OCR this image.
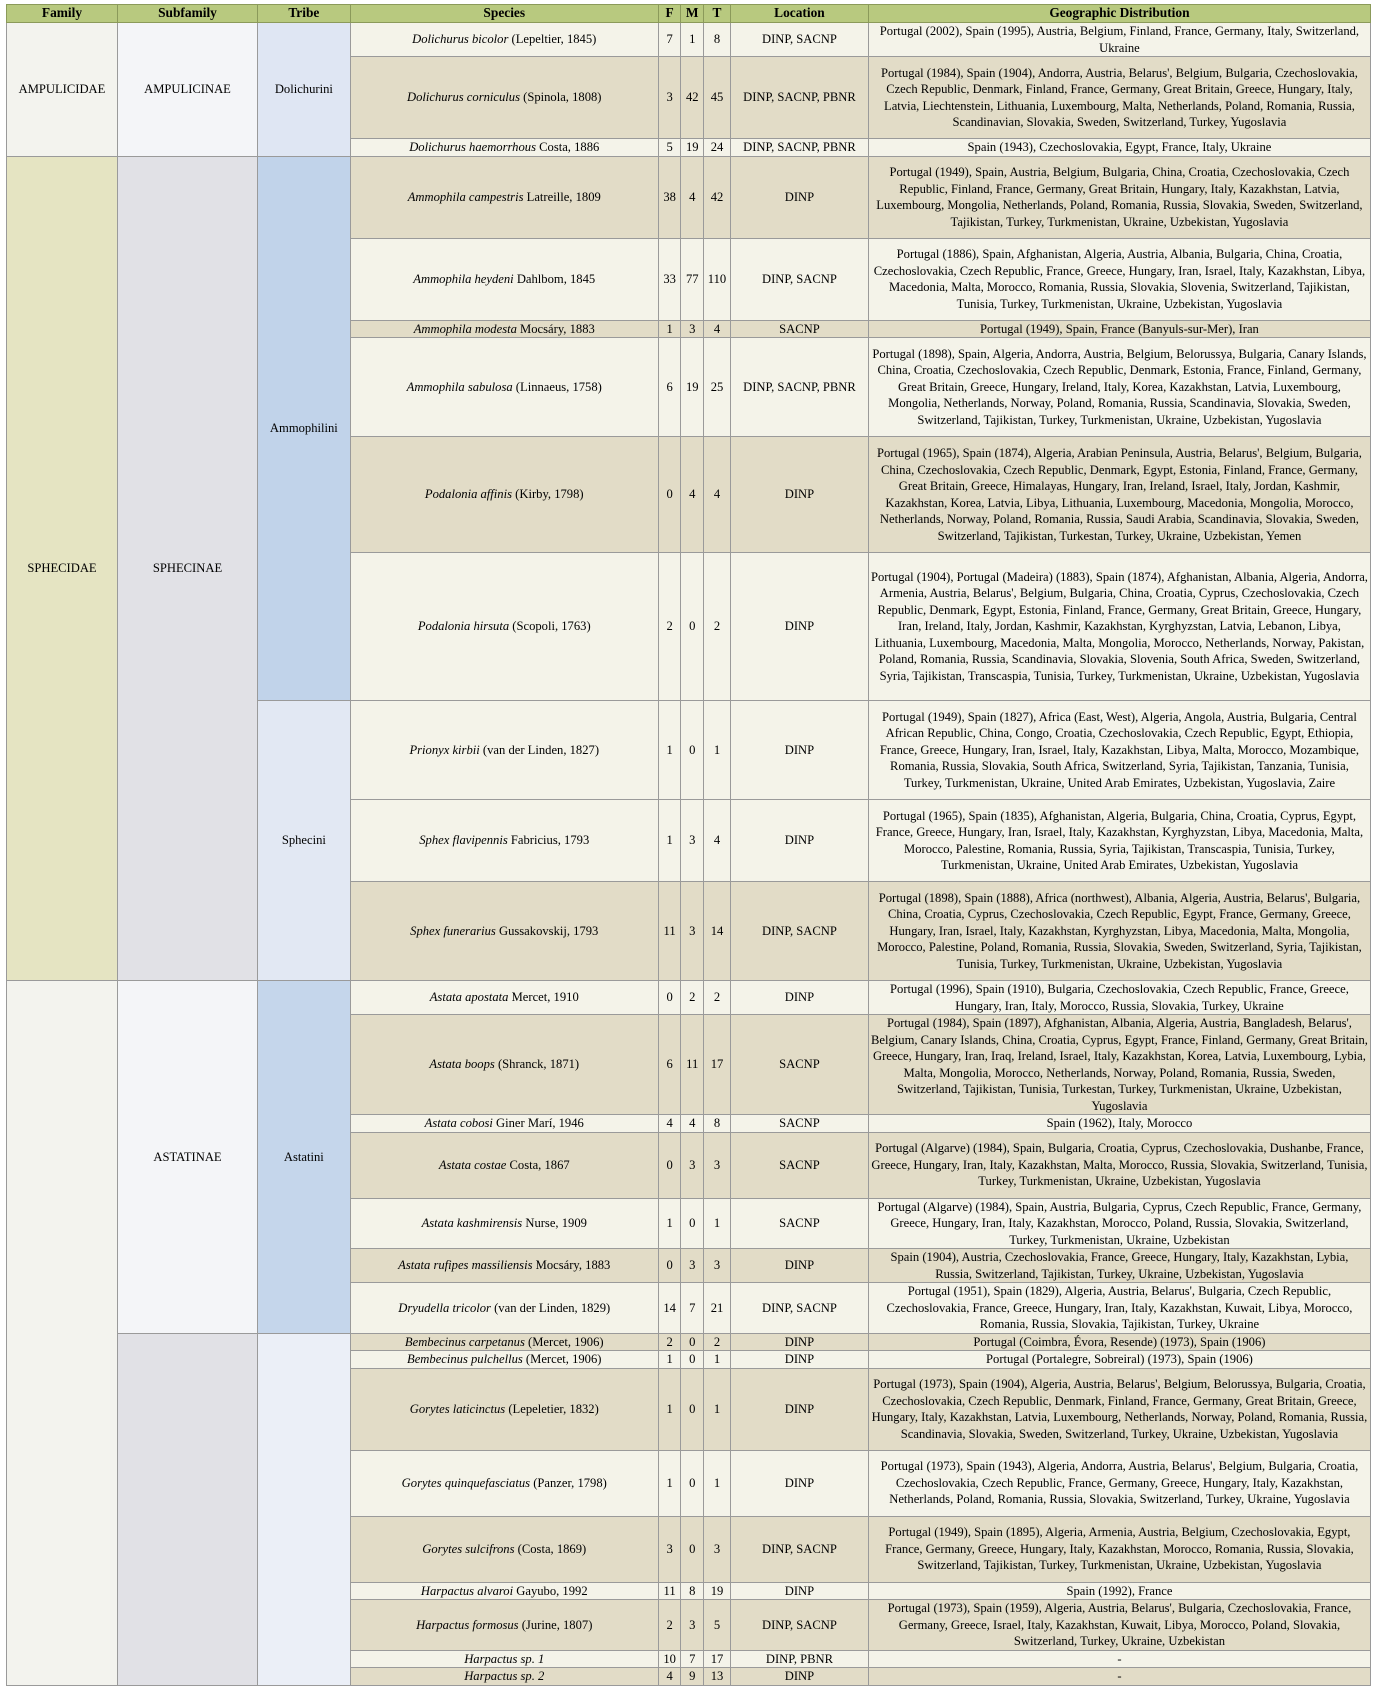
Family	Subfamily	Tribe	Species	F	M	T	Location	Geographic Distribution
AMPULICIDAE	AMPULICINAE	Dolichurini	Dolichurus bicolor (Lepeltier, 1845)	7	1	8	DINP, SACNP	Portugal (2002), Spain (1995), Austria, Belgium, Finland, France, Germany, Italy, Switzerland, Ukraine
			Dolichurus corniculus (Spinola, 1808)	3	42	45	DINP, SACNP, PBNR	Portugal (1984), Spain (1904), Andorra, Austria, Belarus', Belgium, Bulgaria, Czechoslovakia, Czech Republic, Denmark, Finland, France, Germany, Great Britain, Greece, Hungary, Italy, Latvia, Liechtenstein, Lithuania, Luxembourg, Malta, Netherlands, Poland, Romania, Russia, Scandinavian, Slovakia, Sweden, Switzerland, Turkey, Yugoslavia
			Dolichurus haemorrhous Costa, 1886	5	19	24	DINP, SACNP, PBNR	Spain (1943), Czechoslovakia, Egypt, France, Italy, Ukraine
SPHECIDAE	SPHECINAE	Ammophilini	Ammophila campestris Latreille, 1809	38	4	42	DINP	Portugal (1949), Spain, Austria, Belgium, Bulgaria, China, Croatia, Czechoslovakia, Czech Republic, Finland, France, Germany, Great Britain, Hungary, Italy, Kazakhstan, Latvia, Luxembourg, Mongolia, Netherlands, Poland, Romania, Russia, Slovakia, Sweden, Switzerland, Tajikistan, Turkey, Turkmenistan, Ukraine, Uzbekistan, Yugoslavia
			Ammophila heydeni Dahlbom, 1845	33	77	110	DINP, SACNP	Portugal (1886), Spain, Afghanistan, Algeria, Austria, Albania, Bulgaria, China, Croatia, Czechoslovakia, Czech Republic, France, Greece, Hungary, Iran, Israel, Italy, Kazakhstan, Libya, Macedonia, Malta, Morocco, Romania, Russia, Slovakia, Slovenia, Switzerland, Tajikistan, Tunisia, Turkey, Turkmenistan, Ukraine, Uzbekistan, Yugoslavia
			Ammophila modesta Mocsáry, 1883	1	3	4	SACNP	Portugal (1949), Spain, France (Banyuls-sur-Mer), Iran
			Ammophila sabulosa (Linnaeus, 1758)	6	19	25	DINP, SACNP, PBNR	Portugal (1898), Spain, Algeria, Andorra, Austria, Belgium, Belorussya, Bulgaria, Canary Islands, China, Croatia, Czechoslovakia, Czech Republic, Denmark, Estonia, France, Finland, Germany, Great Britain, Greece, Hungary, Ireland, Italy, Korea, Kazakhstan, Latvia, Luxembourg, Mongolia, Netherlands, Norway, Poland, Romania, Russia, Scandinavia, Slovakia, Sweden, Switzerland, Tajikistan, Turkey, Turkmenistan, Ukraine, Uzbekistan, Yugoslavia
			Podalonia affinis (Kirby, 1798)	0	4	4	DINP	Portugal (1965), Spain (1874), Algeria, Arabian Peninsula, Austria, Belarus', Belgium, Bulgaria, China, Czechoslovakia, Czech Republic, Denmark, Egypt, Estonia, Finland, France, Germany, Great Britain, Greece, Himalayas, Hungary, Iran, Ireland, Israel, Italy, Jordan, Kashmir, Kazakhstan, Korea, Latvia, Libya, Lithuania, Luxembourg, Macedonia, Mongolia, Morocco, Netherlands, Norway, Poland, Romania, Russia, Saudi Arabia, Scandinavia, Slovakia, Sweden, Switzerland, Tajikistan, Turkestan, Turkey, Ukraine, Uzbekistan, Yemen
			Podalonia hirsuta (Scopoli, 1763)	2	0	2	DINP	Portugal (1904), Portugal (Madeira) (1883), Spain (1874), Afghanistan, Albania, Algeria, Andorra, Armenia, Austria, Belarus', Belgium, Bulgaria, China, Croatia, Cyprus, Czechoslovakia, Czech Republic, Denmark, Egypt, Estonia, Finland, France, Germany, Great Britain, Greece, Hungary, Iran, Ireland, Italy, Jordan, Kashmir, Kazakhstan, Kyrghyzstan, Latvia, Lebanon, Libya, Lithuania, Luxembourg, Macedonia, Malta, Mongolia, Morocco, Netherlands, Norway, Pakistan, Poland, Romania, Russia, Scandinavia, Slovakia, Slovenia, South Africa, Sweden, Switzerland, Syria, Tajikistan, Transcaspia, Tunisia, Turkey, Turkmenistan, Ukraine, Uzbekistan, Yugoslavia
		Sphecini	Prionyx kirbii (van der Linden, 1827)	1	0	1	DINP	Portugal (1949), Spain (1827), Africa (East, West), Algeria, Angola, Austria, Bulgaria, Central African Republic, China, Congo, Croatia, Czechoslovakia, Czech Republic, Egypt, Ethiopia, France, Greece, Hungary, Iran, Israel, Italy, Kazakhstan, Libya, Malta, Morocco, Mozambique, Romania, Russia, Slovakia, South Africa, Switzerland, Syria, Tajikistan, Tanzania, Tunisia, Turkey, Turkmenistan, Ukraine, United Arab Emirates, Uzbekistan, Yugoslavia, Zaire
			Sphex flavipennis Fabricius, 1793	1	3	4	DINP	Portugal (1965), Spain (1835), Afghanistan, Algeria, Bulgaria, China, Croatia, Cyprus, Egypt, France, Greece, Hungary, Iran, Israel, Italy, Kazakhstan, Kyrghyzstan, Libya, Macedonia, Malta, Morocco, Palestine, Romania, Russia, Syria, Tajikistan, Transcaspia, Tunisia, Turkey, Turkmenistan, Ukraine, United Arab Emirates, Uzbekistan, Yugoslavia
			Sphex funerarius Gussakovskij, 1793	11	3	14	DINP, SACNP	Portugal (1898), Spain (1888), Africa (northwest), Albania, Algeria, Austria, Belarus', Bulgaria, China, Croatia, Cyprus, Czechoslovakia, Czech Republic, Egypt, France, Germany, Greece, Hungary, Iran, Israel, Italy, Kazakhstan, Kyrghyzstan, Libya, Macedonia, Malta, Mongolia, Morocco, Palestine, Poland, Romania, Russia, Slovakia, Sweden, Switzerland, Syria, Tajikistan, Tunisia, Turkey, Turkmenistan, Ukraine, Uzbekistan, Yugoslavia
	ASTATINAE	Astatini	Astata apostata Mercet, 1910	0	2	2	DINP	Portugal (1996), Spain (1910), Bulgaria, Czechoslovakia, Czech Republic, France, Greece, Hungary, Iran, Italy, Morocco, Russia, Slovakia, Turkey, Ukraine
			Astata boops (Shranck, 1871)	6	11	17	SACNP	Portugal (1984), Spain (1897), Afghanistan, Albania, Algeria, Austria, Bangladesh, Belarus', Belgium, Canary Islands, China, Croatia, Cyprus, Egypt, France, Finland, Germany, Great Britain, Greece, Hungary, Iran, Iraq, Ireland, Israel, Italy, Kazakhstan, Korea, Latvia, Luxembourg, Lybia, Malta, Mongolia, Morocco, Netherlands, Norway, Poland, Romania, Russia, Sweden, Switzerland, Tajikistan, Tunisia, Turkestan, Turkey, Turkmenistan, Ukraine, Uzbekistan, Yugoslavia
			Astata cobosi Giner Marí, 1946	4	4	8	SACNP	Spain (1962), Italy, Morocco
			Astata costae Costa, 1867	0	3	3	SACNP	Portugal (Algarve) (1984), Spain, Bulgaria, Croatia, Cyprus, Czechoslovakia, Dushanbe, France, Greece, Hungary, Iran, Italy, Kazakhstan, Malta, Morocco, Russia, Slovakia, Switzerland, Tunisia, Turkey, Turkmenistan, Ukraine, Uzbekistan, Yugoslavia
			Astata kashmirensis Nurse, 1909	1	0	1	SACNP	Portugal (Algarve) (1984), Spain, Austria, Bulgaria, Cyprus, Czech Republic, France, Germany, Greece, Hungary, Iran, Italy, Kazakhstan, Morocco, Poland, Russia, Slovakia, Switzerland, Turkey, Turkmenistan, Ukraine, Uzbekistan
			Astata rufipes massiliensis Mocsáry, 1883	0	3	3	DINP	Spain (1904), Austria, Czechoslovakia, France, Greece, Hungary, Italy, Kazakhstan, Lybia, Russia, Switzerland, Tajikistan, Turkey, Ukraine, Uzbekistan, Yugoslavia
			Dryudella tricolor (van der Linden, 1829)	14	7	21	DINP, SACNP	Portugal (1951), Spain (1829), Algeria, Austria, Belarus', Bulgaria, Czech Republic, Czechoslovakia, France, Greece, Hungary, Iran, Italy, Kazakhstan, Kuwait, Libya, Morocco, Romania, Russia, Slovakia, Tajikistan, Turkey, Ukraine
			Bembecinus carpetanus (Mercet, 1906)	2	0	2	DINP	Portugal (Coimbra, Évora, Resende) (1973), Spain (1906)
			Bembecinus pulchellus (Mercet, 1906)	1	0	1	DINP	Portugal (Portalegre, Sobreiral) (1973), Spain (1906)
			Gorytes laticinctus (Lepeletier, 1832)	1	0	1	DINP	Portugal (1973), Spain (1904), Algeria, Austria, Belarus', Belgium, Belorussya, Bulgaria, Croatia, Czechoslovakia, Czech Republic, Denmark, Finland, France, Germany, Great Britain, Greece, Hungary, Italy, Kazakhstan, Latvia, Luxembourg, Netherlands, Norway, Poland, Romania, Russia, Scandinavia, Slovakia, Sweden, Switzerland, Turkey, Ukraine, Uzbekistan, Yugoslavia
			Gorytes quinquefasciatus (Panzer, 1798)	1	0	1	DINP	Portugal (1973), Spain (1943), Algeria, Andorra, Austria, Belarus', Belgium, Bulgaria, Croatia, Czechoslovakia, Czech Republic, France, Germany, Greece, Hungary, Italy, Kazakhstan, Netherlands, Poland, Romania, Russia, Slovakia, Switzerland, Turkey, Ukraine, Yugoslavia
			Gorytes sulcifrons (Costa, 1869)	3	0	3	DINP, SACNP	Portugal (1949), Spain (1895), Algeria, Armenia, Austria, Belgium, Czechoslovakia, Egypt, France, Germany, Greece, Hungary, Italy, Kazakhstan, Morocco, Romania, Russia, Slovakia, Switzerland, Tajikistan, Turkey, Turkmenistan, Ukraine, Uzbekistan, Yugoslavia
			Harpactus alvaroi Gayubo, 1992	11	8	19	DINP	Spain (1992), France
			Harpactus formosus (Jurine, 1807)	2	3	5	DINP, SACNP	Portugal (1973), Spain (1959), Algeria, Austria, Belarus', Bulgaria, Czechoslovakia, France, Germany, Greece, Israel, Italy, Kazakhstan, Kuwait, Libya, Morocco, Poland, Slovakia, Switzerland, Turkey, Ukraine, Uzbekistan
			Harpactus sp. 1	10	7	17	DINP, PBNR	-
			Harpactus sp. 2	4	9	13	DINP	-
